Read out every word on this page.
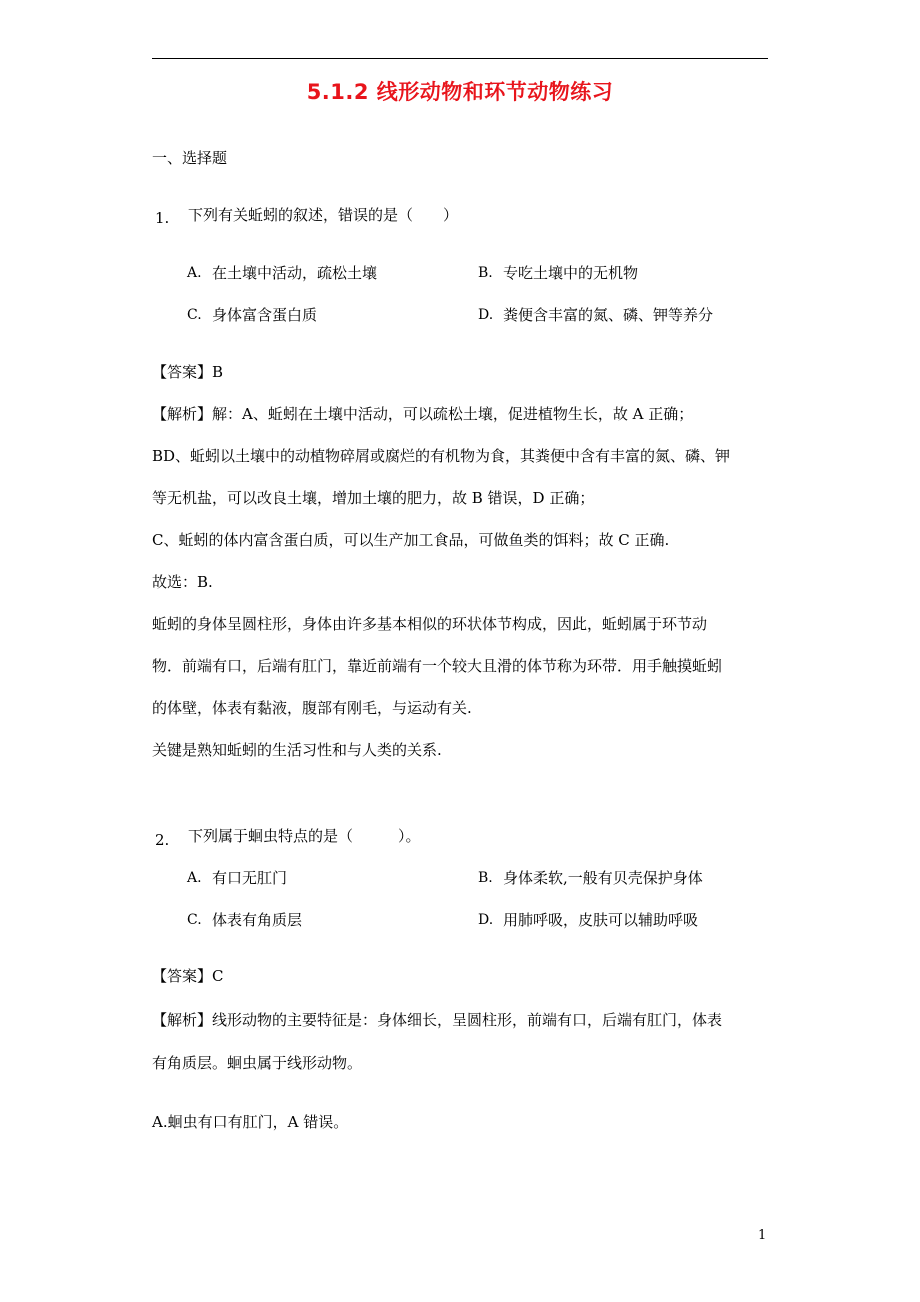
5.1.2 线形动物和环节动物练习
一、选择题
1. 下列有关蚯蚓的叙述，错误的是（　　）
A. 在土壤中活动，疏松土壤	B. 专吃土壤中的无机物
C. 身体富含蛋白质	D. 粪便含丰富的氮、磷、钾等养分
【答案】B
【解析】解：A、蚯蚓在土壤中活动，可以疏松土壤，促进植物生长，故 A 正确；
BD、蚯蚓以土壤中的动植物碎屑或腐烂的有机物为食，其粪便中含有丰富的氮、磷、钾
等无机盐，可以改良土壤，增加土壤的肥力，故 B 错误，D 正确；
C、蚯蚓的体内富含蛋白质，可以生产加工食品，可做鱼类的饵料；故 C 正确.
故选：B.
蚯蚓的身体呈圆柱形，身体由许多基本相似的环状体节构成，因此，蚯蚓属于环节动
物．前端有口，后端有肛门，靠近前端有一个较大且滑的体节称为环带．用手触摸蚯蚓
的体壁，体表有黏液，腹部有刚毛，与运动有关.
关键是熟知蚯蚓的生活习性和与人类的关系.
2. 下列属于蛔虫特点的是（　　　）。
A. 有口无肛门	B. 身体柔软,一般有贝壳保护身体
C. 体表有角质层	D. 用肺呼吸，皮肤可以辅助呼吸
【答案】C
【解析】线形动物的主要特征是：身体细长，呈圆柱形，前端有口，后端有肛门，体表
有角质层。蛔虫属于线形动物。
A.蛔虫有口有肛门，A 错误。
1
